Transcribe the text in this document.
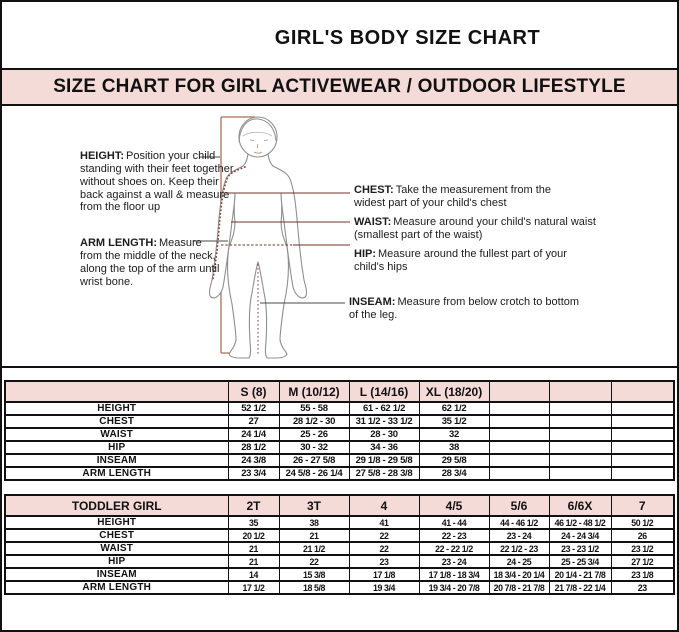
GIRL'S BODY SIZE CHART
SIZE CHART FOR GIRL ACTIVEWEAR / OUTDOOR LIFESTYLE
HEIGHT: Position your child standing with their feet together without shoes on. Keep their back against a wall & measure from the floor up
ARM LENGTH: Measure from the middle of the neck, along the top of the arm until wrist bone.
CHEST: Take the measurement from the widest part of your child's chest
WAIST: Measure around your child's natural waist (smallest part of the waist)
HIP: Measure around the fullest part of your child's hips
INSEAM: Measure from below crotch to bottom of the leg.
	S (8)	M (10/12)	L (14/16)	XL (18/20)			
HEIGHT	52 1/2	55 - 58	61 - 62 1/2	62 1/2			
CHEST	27	28 1/2 - 30	31 1/2 - 33 1/2	35 1/2			
WAIST	24 1/4	25 - 26	28 - 30	32			
HIP	28 1/2	30 - 32	34 - 36	38			
INSEAM	24 3/8	26 - 27 5/8	29 1/8 - 29 5/8	29 5/8			
ARM LENGTH	23 3/4	24 5/8 - 26 1/4	27 5/8 - 28 3/8	28 3/4			
TODDLER GIRL	2T	3T	4	4/5	5/6	6/6X	7
HEIGHT	35	38	41	41 - 44	44 - 46 1/2	46 1/2 - 48 1/2	50 1/2
CHEST	20 1/2	21	22	22 - 23	23 - 24	24 - 24 3/4	26
WAIST	21	21 1/2	22	22 - 22 1/2	22 1/2 - 23	23 - 23 1/2	23 1/2
HIP	21	22	23	23 - 24	24 - 25	25 - 25 3/4	27 1/2
INSEAM	14	15 3/8	17 1/8	17 1/8 - 18 3/4	18 3/4 - 20 1/4	20 1/4 - 21 7/8	23 1/8
ARM LENGTH	17 1/2	18 5/8	19 3/4	19 3/4 - 20 7/8	20 7/8 - 21 7/8	21 7/8 - 22 1/4	23
